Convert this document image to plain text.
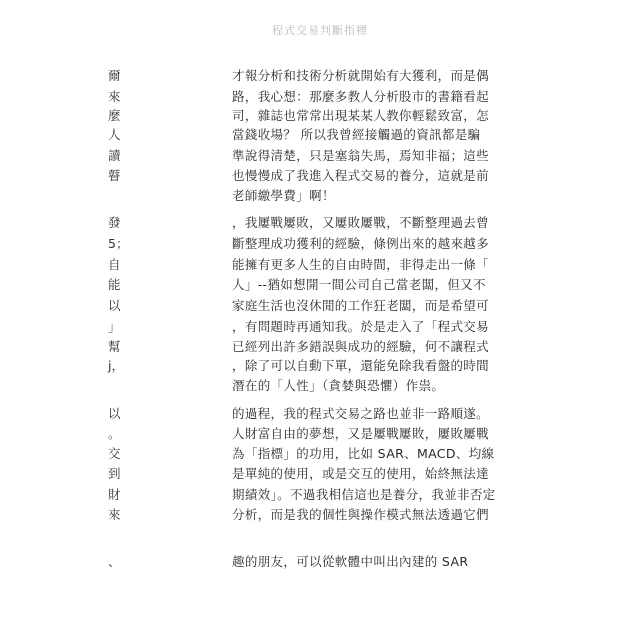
程式交易判斷指標
爾
來
麼
人
讀
瞽
發
5；
自
能
以
」
幫
j，
以
。
交
到
財
來
、
才報分析和技術分析就開始有大獲利，而是偶
路，我心想：那麼多教人分析股市的書籍看起
司，雜誌也常常出現某某人教你輕鬆致富，怎
當錢收場？ 所以我曾經接觸過的資訊都是騙
準說得清楚，只是塞翁失馬，焉知非福；這些
也慢慢成了我進入程式交易的養分，這就是前
老師繳學費」啊！
，我屢戰屢敗，又屢敗屢戰，不斷整理過去曾
斷整理成功獲利的經驗，條例出來的越來越多
能擁有更多人生的自由時間，非得走出一條「
人」--猶如想開一間公司自己當老闆，但又不
家庭生活也沒休閒的工作狂老闆，而是希望可
，有問題時再通知我。於是走入了「程式交易
已經列出許多錯誤與成功的經驗，何不讓程式
，除了可以自動下單，還能免除我看盤的時間
潛在的「人性」（貪婪與恐懼）作祟。
的過程，我的程式交易之路也並非一路順遂。
人財富自由的夢想，又是屢戰屢敗，屢敗屢戰
為「指標」的功用，比如 SAR、MACD、均線
是單純的使用，或是交互的使用，始終無法達
期績效」。不過我相信這也是養分，我並非否定
分析，而是我的個性與操作模式無法透過它們
趣的朋友，可以從軟體中叫出內建的 SAR
